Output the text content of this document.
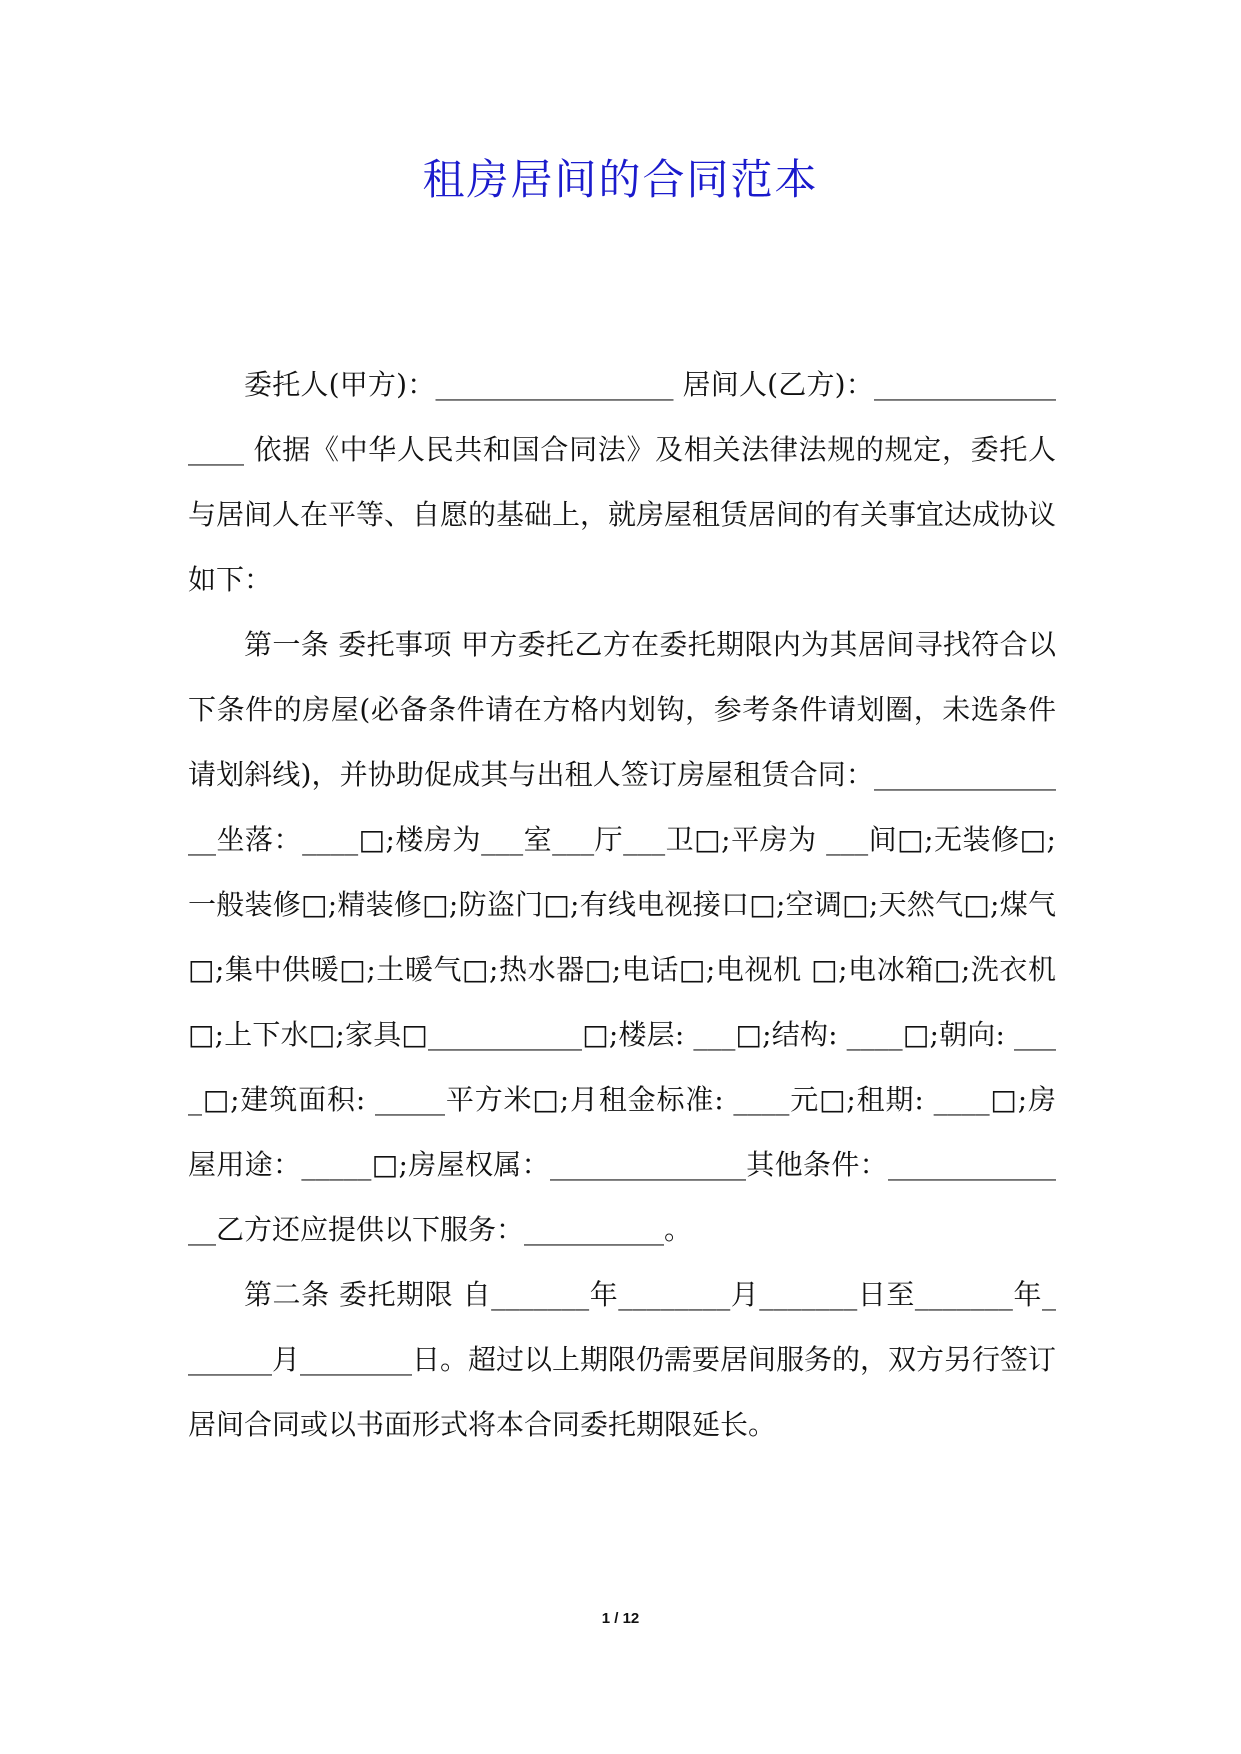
租房居间的合同范本

委托人(甲方)：_________________ 居间人(乙方)：_________________ 依据《中华人民共和国合同法》及相关法律法规的规定，委托人与居间人在平等、自愿的基础上，就房屋租赁居间的有关事宜达成协议如下：

第一条 委托事项 甲方委托乙方在委托期限内为其居间寻找符合以下条件的房屋(必备条件请在方格内划钩，参考条件请划圈，未选条件请划斜线)，并协助促成其与出租人签订房屋租赁合同：_______________坐落：____□;楼房为___室___厅___卫□;平房为 ___间□;无装修□;一般装修□;精装修□;防盗门□;有线电视接口□;空调□;天然气□;煤气□;集中供暖□;土暖气□;热水器□;电话□;电视机 □;电冰箱□;洗衣机□;上下水□;家具□___________□;楼层: ___□;结构: ____□;朝向: ____□;建筑面积: _____平方米□;月租金标准: ____元□;租期: ____□;房屋用途：_____□;房屋权属：______________其他条件：______________乙方还应提供以下服务：__________。

第二条 委托期限 自_______年________月_______日至_______年_______月________日。超过以上期限仍需要居间服务的，双方另行签订居间合同或以书面形式将本合同委托期限延长。

1 / 12
